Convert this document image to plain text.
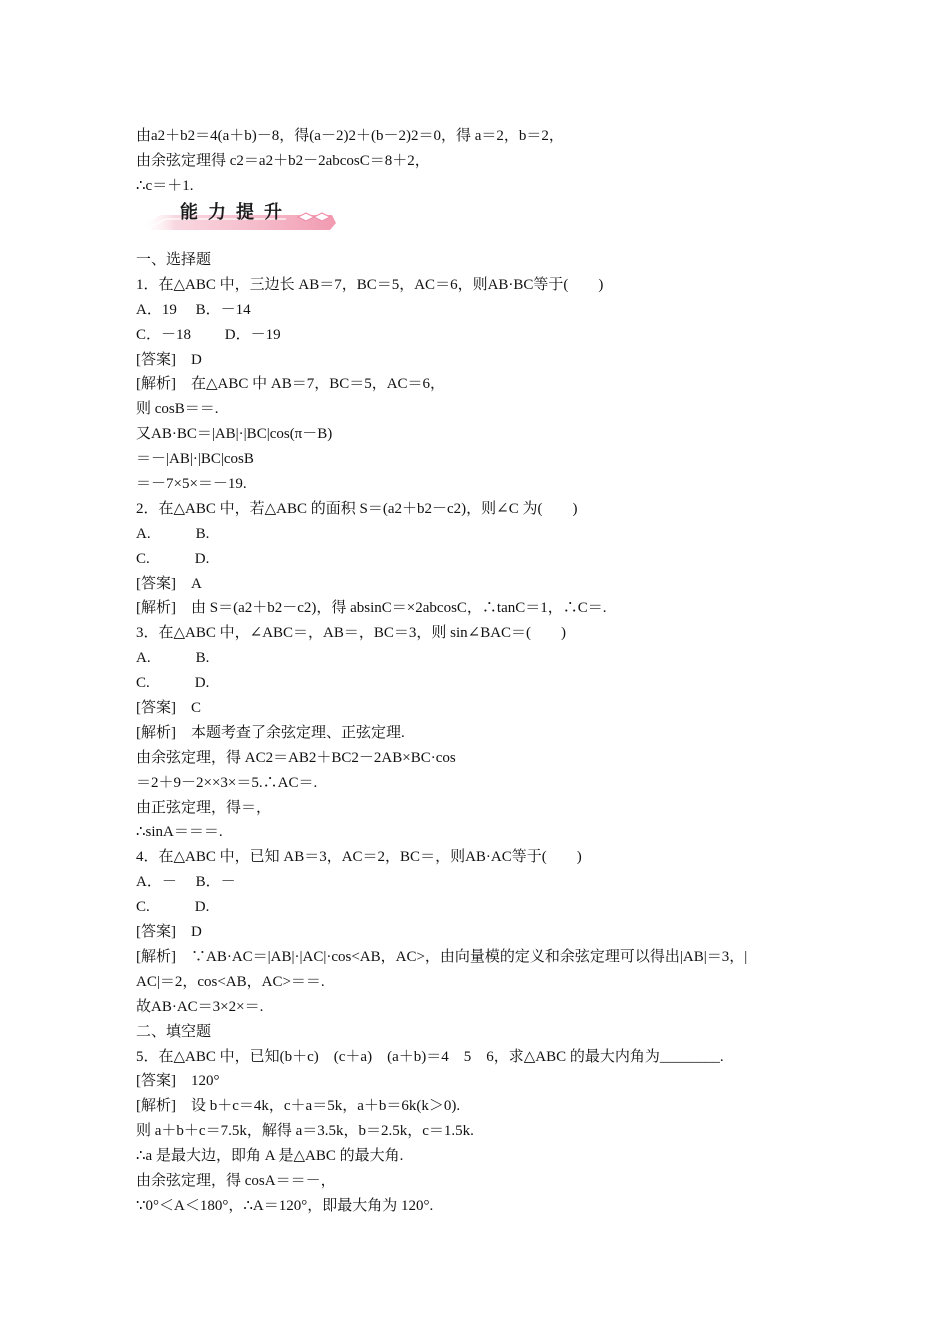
由a2＋b2＝4(a＋b)－8，得(a－2)2＋(b－2)2＝0，得 a＝2，b＝2，
由余弦定理得 c2＝a2＋b2－2abcosC＝8＋2，
∴c＝＋1.
能力提升
一、选择题
1．在△ABC 中，三边长 AB＝7，BC＝5，AC＝6，则AB·BC等于(　　)
A．19　 B．－14
C．－18　　 D．－19
[答案]　D
[解析]　在△ABC 中 AB＝7，BC＝5，AC＝6，
则 cosB＝＝.
又AB·BC＝|AB|·|BC|cos(π－B)
＝－|AB|·|BC|cosB
＝－7×5×＝－19.
2．在△ABC 中，若△ABC 的面积 S＝(a2＋b2－c2)，则∠C 为(　　)
A.　　　B.
C.　　　D.
[答案]　A
[解析]　由 S＝(a2＋b2－c2)，得 absinC＝×2abcosC，∴tanC＝1，∴C＝.
3．在△ABC 中，∠ABC＝，AB＝，BC＝3，则 sin∠BAC＝(　　)
A.　　　B.
C.　　　D.
[答案]　C
[解析]　本题考查了余弦定理、正弦定理.
由余弦定理，得 AC2＝AB2＋BC2－2AB×BC·cos
＝2＋9－2××3×＝5.∴AC＝.
由正弦定理，得＝，
∴sinA＝＝＝.
4．在△ABC 中，已知 AB＝3，AC＝2，BC＝，则AB·AC等于(　　)
A．－　 B．－
C.　　　D.
[答案]　D
[解析]　∵AB·AC＝|AB|·|AC|·cos<AB，AC>，由向量模的定义和余弦定理可以得出|AB|＝3，|
AC|＝2，cos<AB，AC>＝＝.
故AB·AC＝3×2×＝.
二、填空题
5．在△ABC 中，已知(b＋c)　(c＋a)　(a＋b)＝4　5　6，求△ABC 的最大内角为________.
[答案]　120°
[解析]　设 b＋c＝4k，c＋a＝5k，a＋b＝6k(k＞0).
则 a＋b＋c＝7.5k，解得 a＝3.5k，b＝2.5k，c＝1.5k.
∴a 是最大边，即角 A 是△ABC 的最大角.
由余弦定理，得 cosA＝＝－，
∵0°＜A＜180°，∴A＝120°，即最大角为 120°.
